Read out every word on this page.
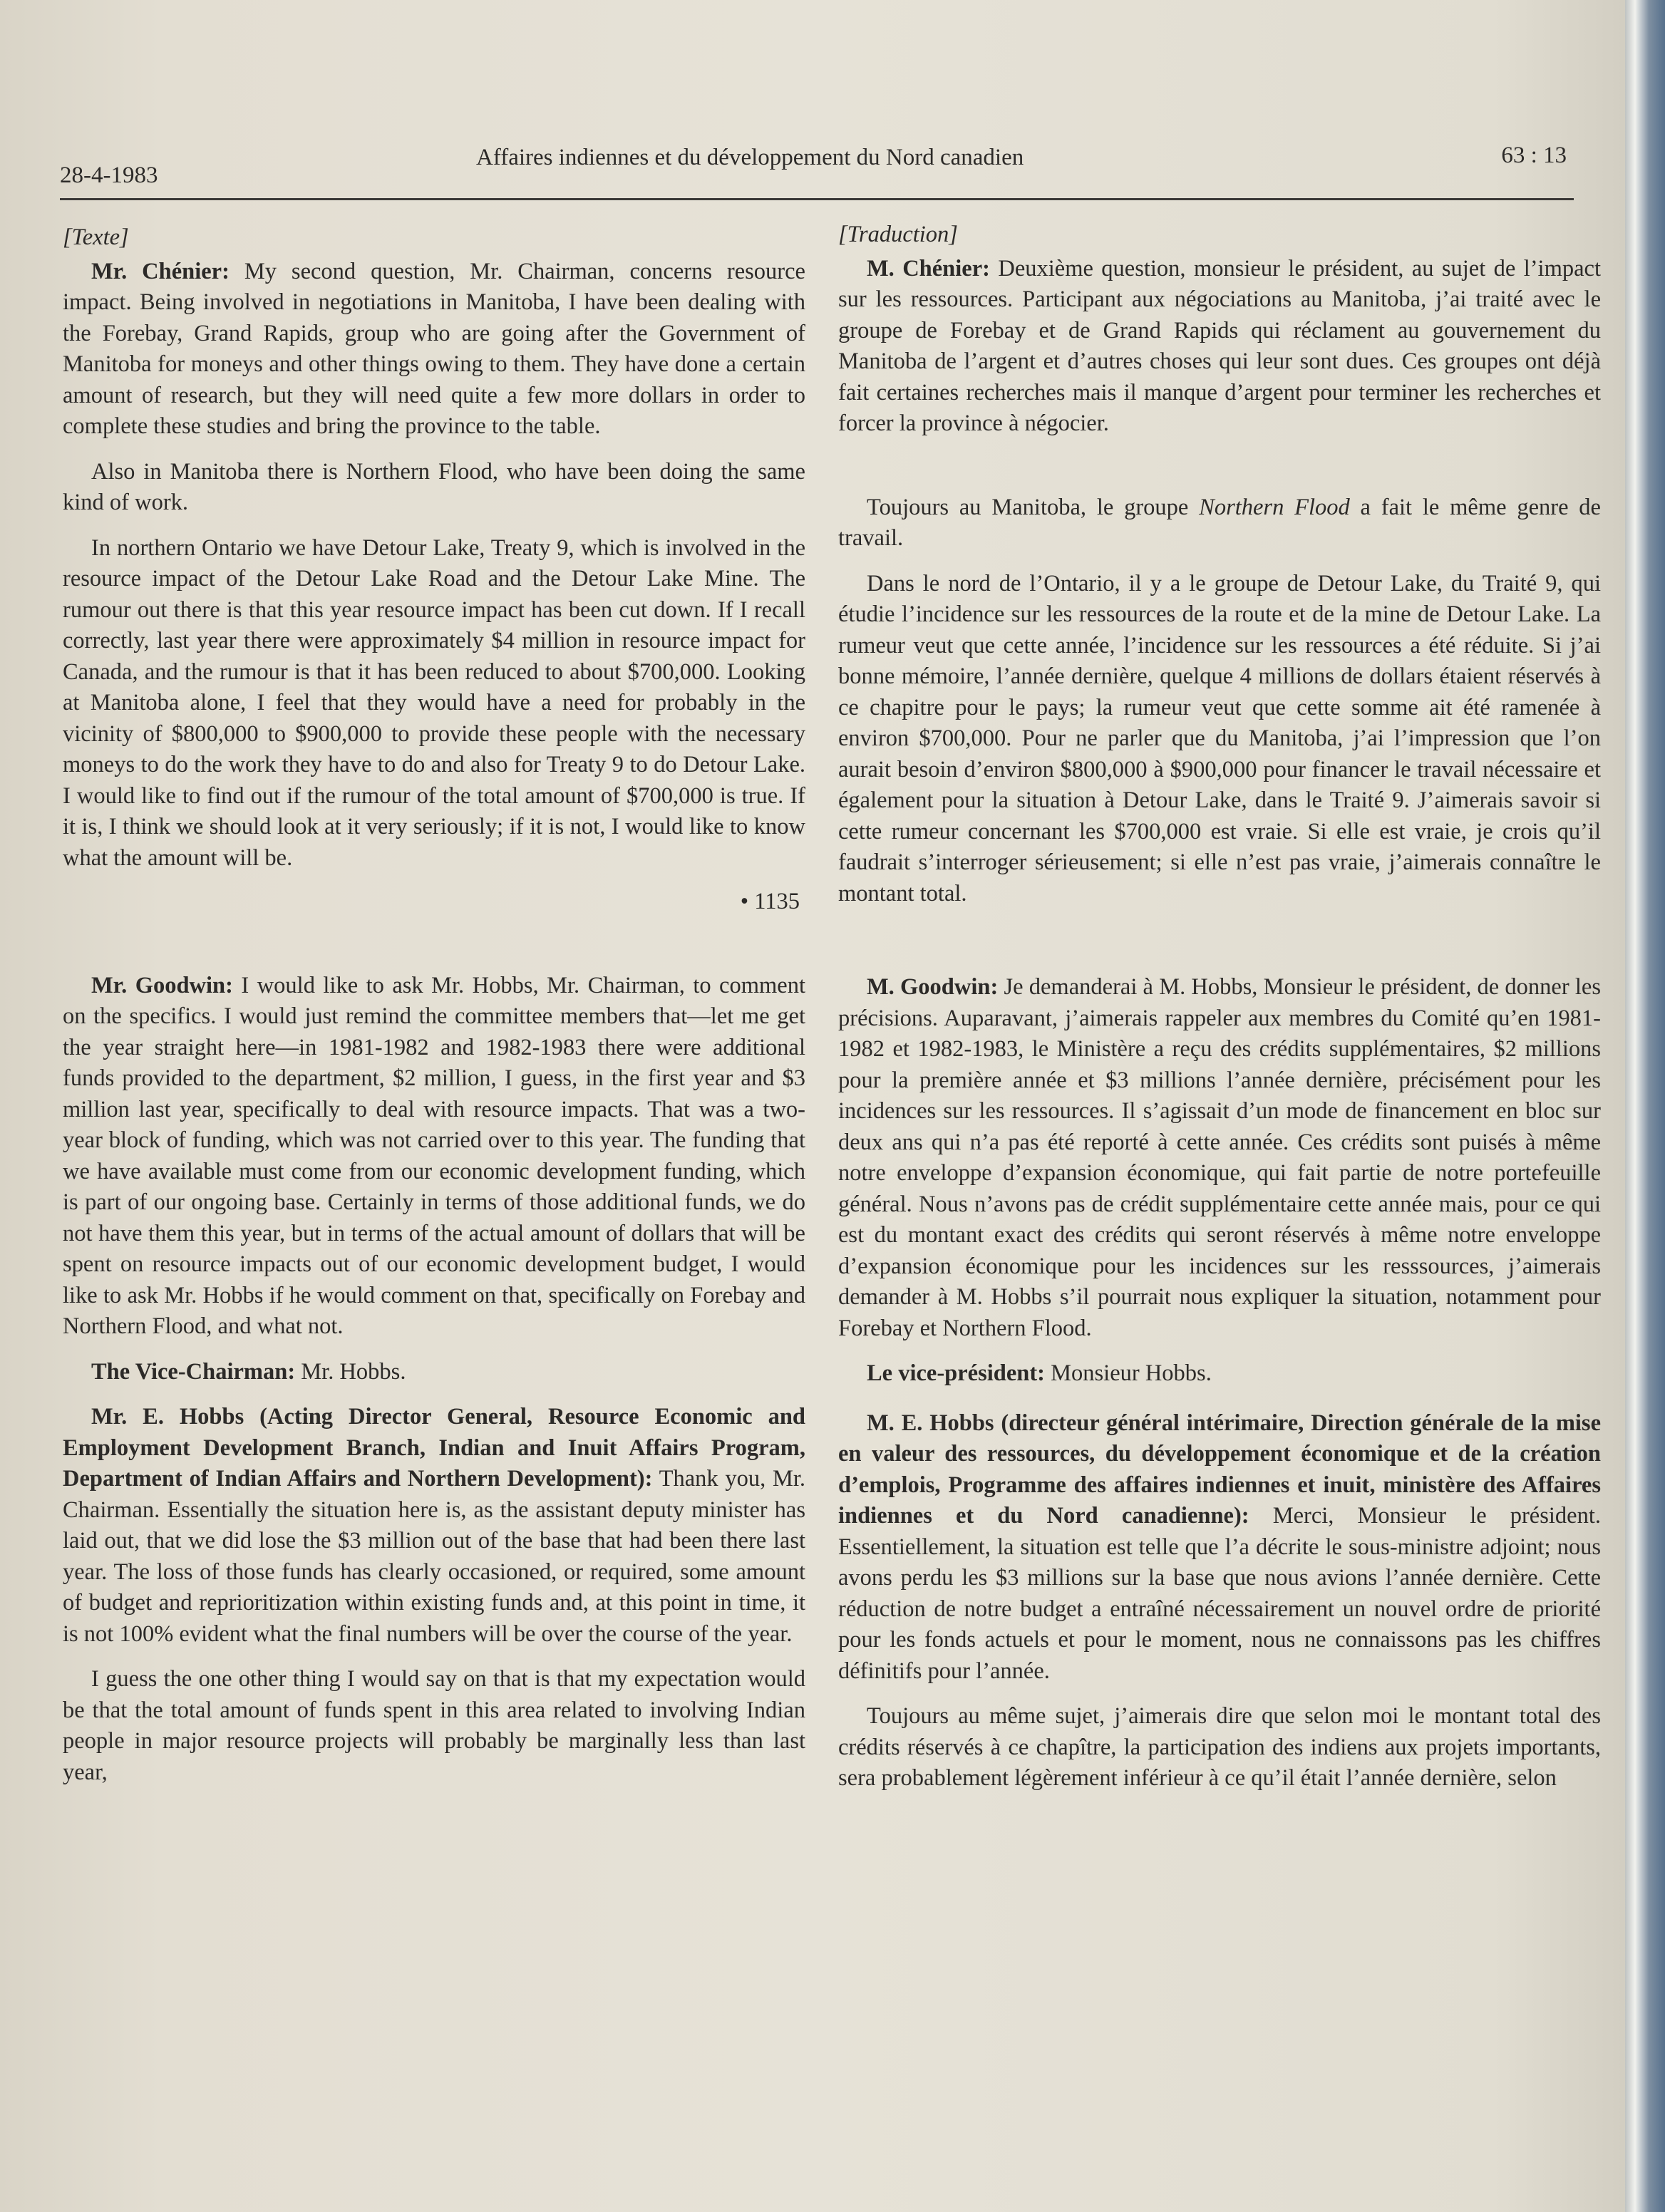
28-4-1983
Affaires indiennes et du développement du Nord canadien	63 : 13
[Texte]

Mr. Chénier: My second question, Mr. Chairman, concerns resource impact. Being involved in negotiations in Manitoba, I have been dealing with the Forebay, Grand Rapids, group who are going after the Government of Manitoba for moneys and other things owing to them. They have done a certain amount of research, but they will need quite a few more dollars in order to complete these studies and bring the province to the table.

Also in Manitoba there is Northern Flood, who have been doing the same kind of work.

In northern Ontario we have Detour Lake, Treaty 9, which is involved in the resource impact of the Detour Lake Road and the Detour Lake Mine. The rumour out there is that this year resource impact has been cut down. If I recall correctly, last year there were approximately $4 million in resource impact for Canada, and the rumour is that it has been reduced to about $700,000. Looking at Manitoba alone, I feel that they would have a need for probably in the vicinity of $800,000 to $900,000 to provide these people with the necessary moneys to do the work they have to do and also for Treaty 9 to do Detour Lake. I would like to find out if the rumour of the total amount of $700,000 is true. If it is, I think we should look at it very seriously; if it is not, I would like to know what the amount will be.

• 1135

Mr. Goodwin: I would like to ask Mr. Hobbs, Mr. Chairman, to comment on the specifics. I would just remind the committee members that—let me get the year straight here—in 1981-1982 and 1982-1983 there were additional funds provided to the department, $2 million, I guess, in the first year and $3 million last year, specifically to deal with resource impacts. That was a two-year block of funding, which was not carried over to this year. The funding that we have available must come from our economic development funding, which is part of our ongoing base. Certainly in terms of those additional funds, we do not have them this year, but in terms of the actual amount of dollars that will be spent on resource impacts out of our economic development budget, I would like to ask Mr. Hobbs if he would comment on that, specifically on Forebay and Northern Flood, and what not.

The Vice-Chairman: Mr. Hobbs.

Mr. E. Hobbs (Acting Director General, Resource Economic and Employment Development Branch, Indian and Inuit Affairs Program, Department of Indian Affairs and Northern Development): Thank you, Mr. Chairman. Essentially the situation here is, as the assistant deputy minister has laid out, that we did lose the $3 million out of the base that had been there last year. The loss of those funds has clearly occasioned, or required, some amount of budget and reprioritization within existing funds and, at this point in time, it is not 100% evident what the final numbers will be over the course of the year.

I guess the one other thing I would say on that is that my expectation would be that the total amount of funds spent in this area related to involving Indian people in major resource projects will probably be marginally less than last year,

[Traduction]

M. Chénier: Deuxième question, monsieur le président, au sujet de l’impact sur les ressources. Participant aux négociations au Manitoba, j’ai traité avec le groupe de Forebay et de Grand Rapids qui réclament au gouvernement du Manitoba de l’argent et d’autres choses qui leur sont dues. Ces groupes ont déjà fait certaines recherches mais il manque d’argent pour terminer les recherches et forcer la province à négocier.

Toujours au Manitoba, le groupe Northern Flood a fait le même genre de travail.

Dans le nord de l’Ontario, il y a le groupe de Detour Lake, du Traité 9, qui étudie l’incidence sur les ressources de la route et de la mine de Detour Lake. La rumeur veut que cette année, l’incidence sur les ressources a été réduite. Si j’ai bonne mémoire, l’année dernière, quelque 4 millions de dollars étaient réservés à ce chapitre pour le pays; la rumeur veut que cette somme ait été ramenée à environ $700,000. Pour ne parler que du Manitoba, j’ai l’impression que l’on aurait besoin d’environ $800,000 à $900,000 pour financer le travail nécessaire et également pour la situation à Detour Lake, dans le Traité 9. J’aimerais savoir si cette rumeur concernant les $700,000 est vraie. Si elle est vraie, je crois qu’il faudrait s’interroger sérieusement; si elle n’est pas vraie, j’aimerais connaître le montant total.

M. Goodwin: Je demanderai à M. Hobbs, Monsieur le président, de donner les précisions. Auparavant, j’aimerais rappeler aux membres du Comité qu’en 1981-1982 et 1982-1983, le Ministère a reçu des crédits supplémentaires, $2 millions pour la première année et $3 millions l’année dernière, précisément pour les incidences sur les ressources. Il s’agissait d’un mode de financement en bloc sur deux ans qui n’a pas été reporté à cette année. Ces crédits sont puisés à même notre enveloppe d’expansion économique, qui fait partie de notre portefeuille général. Nous n’avons pas de crédit supplémentaire cette année mais, pour ce qui est du montant exact des crédits qui seront réservés à même notre enveloppe d’expansion économique pour les incidences sur les resssources, j’aimerais demander à M. Hobbs s’il pourrait nous expliquer la situation, notamment pour Forebay et Northern Flood.

Le vice-président: Monsieur Hobbs.

M. E. Hobbs (directeur général intérimaire, Direction générale de la mise en valeur des ressources, du développement économique et de la création d’emplois, Programme des affaires indiennes et inuit, ministère des Affaires indiennes et du Nord canadienne): Merci, Monsieur le président. Essentiellement, la situation est telle que l’a décrite le sous-ministre adjoint; nous avons perdu les $3 millions sur la base que nous avions l’année dernière. Cette réduction de notre budget a entraîné nécessairement un nouvel ordre de priorité pour les fonds actuels et pour le moment, nous ne connaissons pas les chiffres définitifs pour l’année.

Toujours au même sujet, j’aimerais dire que selon moi le montant total des crédits réservés à ce chapître, la participation des indiens aux projets importants, sera probablement légèrement inférieur à ce qu’il était l’année dernière, selon
